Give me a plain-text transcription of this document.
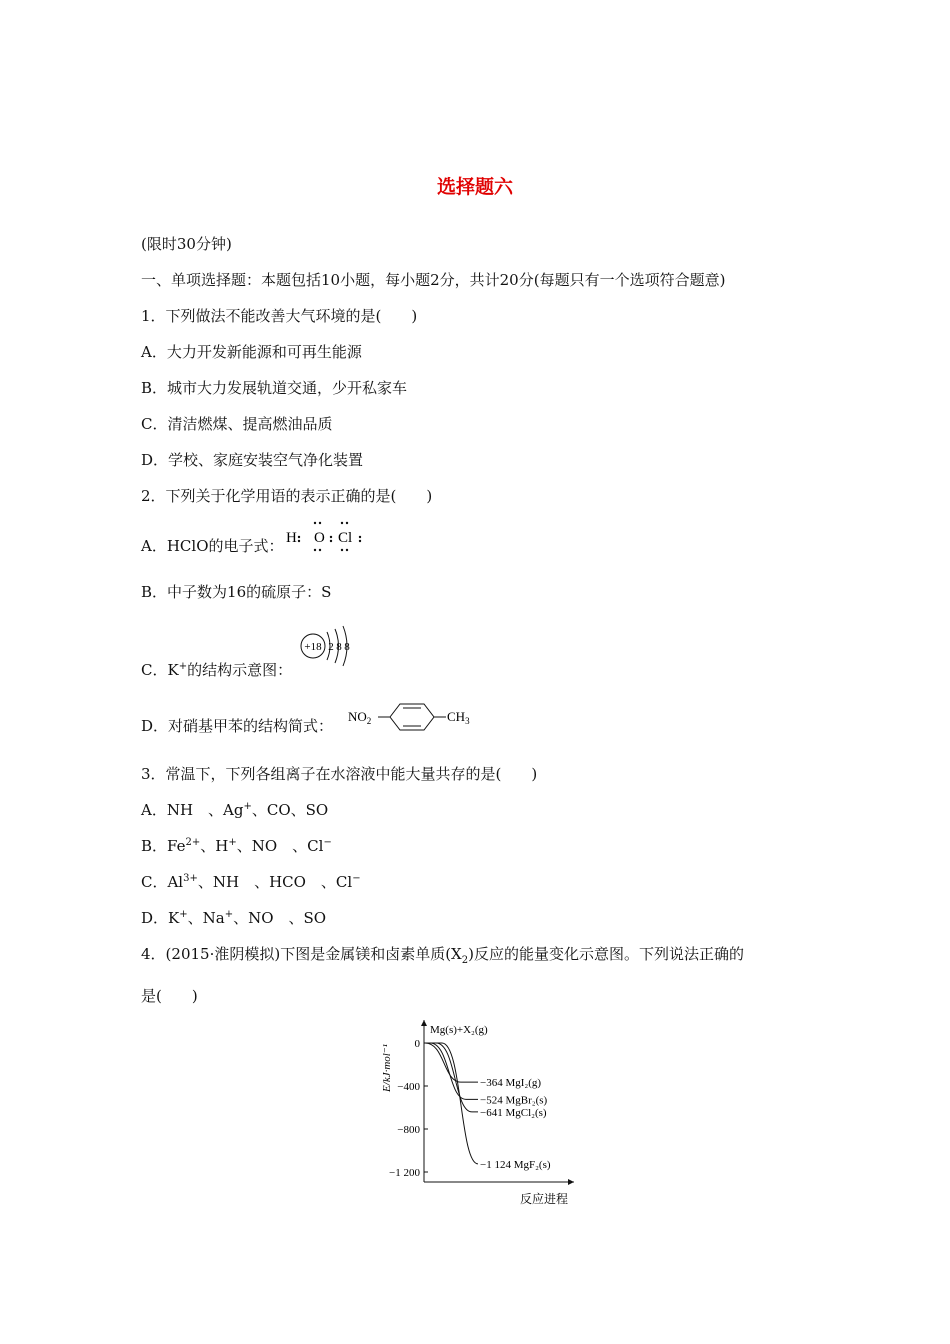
选择题六
(限时30分钟)
一、单项选择题：本题包括10小题，每小题2分，共计20分(每题只有一个选项符合题意)
1．下列做法不能改善大气环境的是(　　)
A．大力开发新能源和可再生能源
B．城市大力发展轨道交通，少开私家车
C．清洁燃煤、提高燃油品质
D．学校、家庭安装空气净化装置
2．下列关于化学用语的表示正确的是(　　)
A．HClO的电子式： H O Cl
B．中子数为16的硫原子：S
C．K+的结构示意图：
+18 2 8 8
D．对硝基甲苯的结构简式：
$NO_2$	$CH_3$
3．常温下，下列各组离子在水溶液中能大量共存的是(　　)
A．NH　、Ag+、CO、SO
B．$Fe^{2+}$、H+、NO　、Cl−
C．$Al^{3+}$、NH　、HCO　、Cl−
D．K+、Na+、NO　、SO
4．(2015·淮阴模拟)下图是金属镁和卤素单质$(X_2)$反应的能量变化示意图。下列说法正确的
是(　　)
0
−400
−800
−1 200
E/kJ·mol⁻¹
Mg(s)+X₂(g)
反应进程
−364 MgI₂(g)
−524 MgBr₂(s)
−641 MgCl₂(s)
−1 124 MgF₂(s)
